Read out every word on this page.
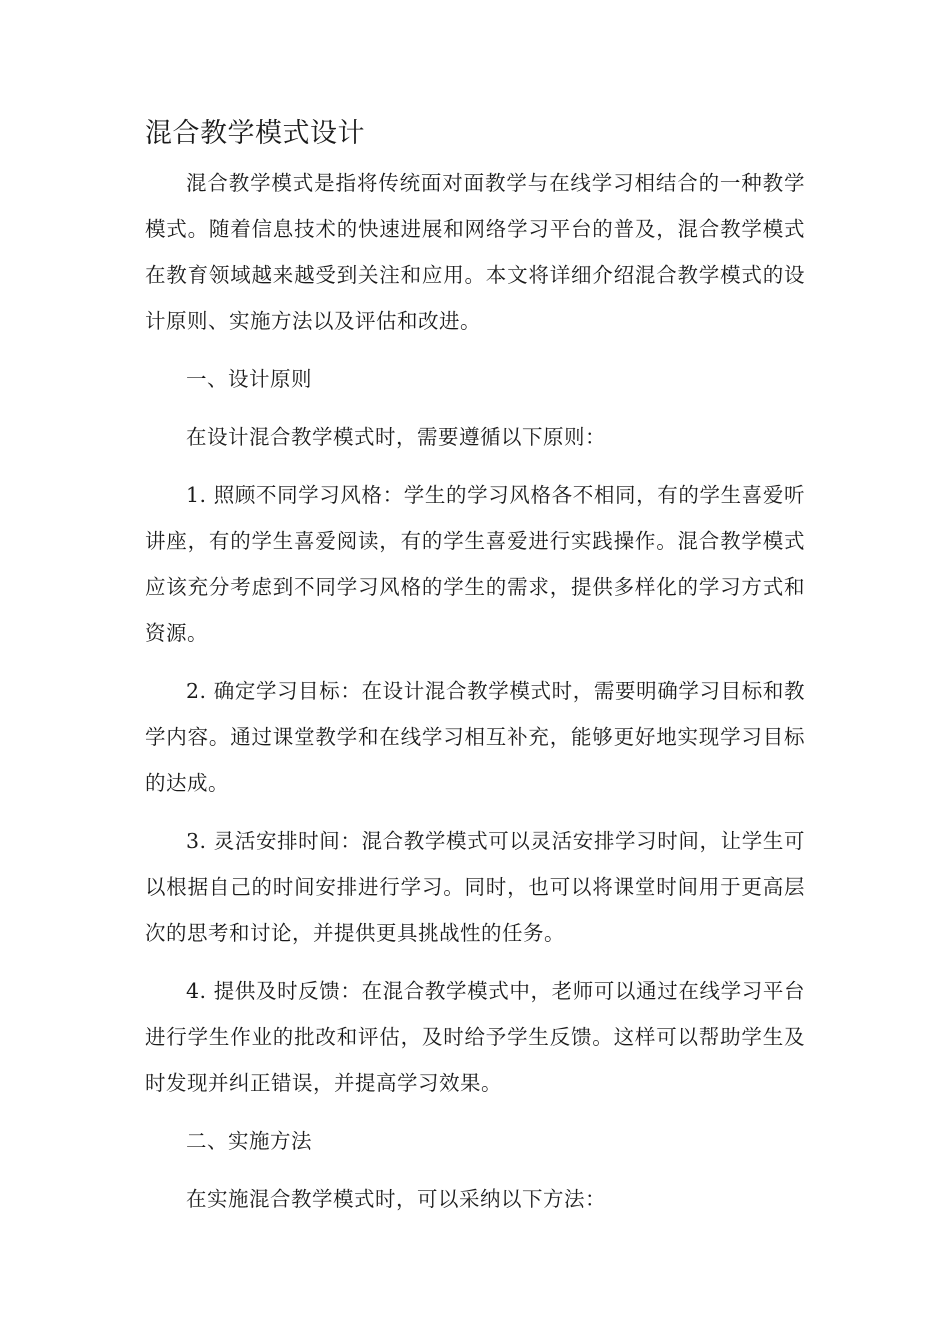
混合教学模式设计

混合教学模式是指将传统面对面教学与在线学习相结合的一种教学模式。随着信息技术的快速进展和网络学习平台的普及，混合教学模式在教育领域越来越受到关注和应用。本文将详细介绍混合教学模式的设计原则、实施方法以及评估和改进。

一、设计原则

在设计混合教学模式时，需要遵循以下原则：

1. 照顾不同学习风格：学生的学习风格各不相同，有的学生喜爱听讲座，有的学生喜爱阅读，有的学生喜爱进行实践操作。混合教学模式应该充分考虑到不同学习风格的学生的需求，提供多样化的学习方式和资源。

2. 确定学习目标：在设计混合教学模式时，需要明确学习目标和教学内容。通过课堂教学和在线学习相互补充，能够更好地实现学习目标的达成。

3. 灵活安排时间：混合教学模式可以灵活安排学习时间，让学生可以根据自己的时间安排进行学习。同时，也可以将课堂时间用于更高层次的思考和讨论，并提供更具挑战性的任务。

4. 提供及时反馈：在混合教学模式中，老师可以通过在线学习平台进行学生作业的批改和评估，及时给予学生反馈。这样可以帮助学生及时发现并纠正错误，并提高学习效果。

二、实施方法

在实施混合教学模式时，可以采纳以下方法：
